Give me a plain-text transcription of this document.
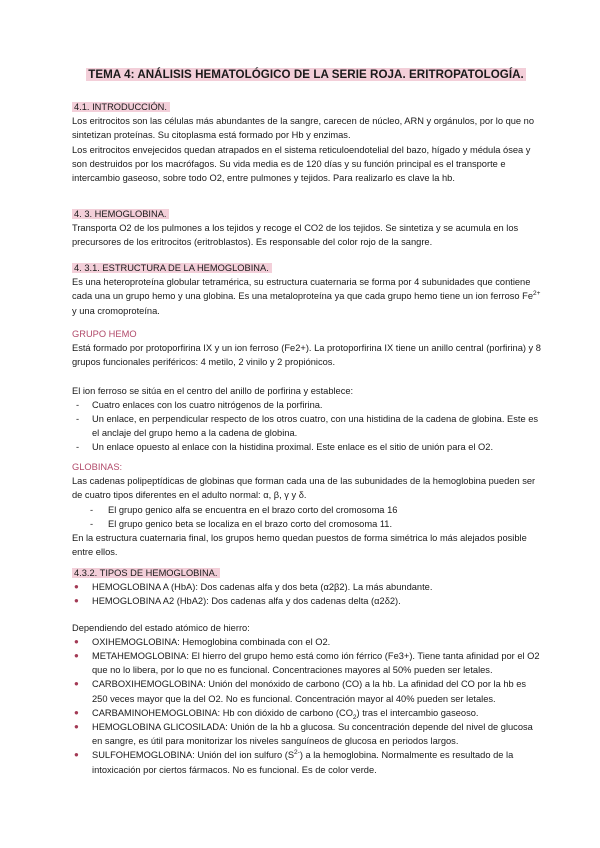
TEMA 4: ANÁLISIS HEMATOLÓGICO DE LA SERIE ROJA. ERITROPATOLOGÍA.

4.1. INTRODUCCIÓN.

Los eritrocitos son las células más abundantes de la sangre, carecen de núcleo, ARN y orgánulos, por lo que no sintetizan proteínas. Su citoplasma está formado por Hb y enzimas.

Los eritrocitos envejecidos quedan atrapados en el sistema reticuloendotelial del bazo, hígado y médula ósea y son destruidos por los macrófagos. Su vida media es de 120 días y su función principal es el transporte e intercambio gaseoso, sobre todo O2, entre pulmones y tejidos. Para realizarlo es clave la hb.

4. 3. HEMOGLOBINA.

Transporta O2 de los pulmones a los tejidos y recoge el CO2 de los tejidos. Se sintetiza y se acumula en los precursores de los eritrocitos (eritroblastos). Es responsable del color rojo de la sangre.

4. 3.1. ESTRUCTURA DE LA HEMOGLOBINA.

Es una heteroproteína globular tetramérica, su estructura cuaternaria se forma por 4 subunidades que contiene cada una un grupo hemo y una globina. Es una metaloproteína ya que cada grupo hemo tiene un ion ferroso $Fe^{2+}$ y una cromoproteína.

GRUPO HEMO

Está formado por protoporfirina IX y un ion ferroso (Fe2+). La protoporfirina IX tiene un anillo central (porfirina) y 8 grupos funcionales periféricos: 4 metilo, 2 vinilo y 2 propiónicos.

El ion ferroso se sitúa en el centro del anillo de porfirina y establece:

- Cuatro enlaces con los cuatro nitrógenos de la porfirina.
- Un enlace, en perpendicular respecto de los otros cuatro, con una histidina de la cadena de globina. Este es el anclaje del grupo hemo a la cadena de globina.
- Un enlace opuesto al enlace con la histidina proximal. Este enlace es el sitio de unión para el O2.

GLOBINAS:

Las cadenas polipeptídicas de globinas que forman cada una de las subunidades de la hemoglobina pueden ser de cuatro tipos diferentes en el adulto normal: α, β, γ y δ.

- El grupo genico alfa se encuentra en el brazo corto del cromosoma 16
- El grupo genico beta se localiza en el brazo corto del cromosoma 11.

En la estructura cuaternaria final, los grupos hemo quedan puestos de forma simétrica lo más alejados posible entre ellos.

4.3.2. TIPOS DE HEMOGLOBINA.

● HEMOGLOBINA A (HbA): Dos cadenas alfa y dos beta (α2β2). La más abundante.
● HEMOGLOBINA A2 (HbA2): Dos cadenas alfa y dos cadenas delta (α2δ2).

Dependiendo del estado atómico de hierro:

● OXIHEMOGLOBINA: Hemoglobina combinada con el O2.
● METAHEMOGLOBINA: El hierro del grupo hemo está como ión férrico (Fe3+). Tiene tanta afinidad por el O2 que no lo libera, por lo que no es funcional. Concentraciones mayores al 50% pueden ser letales.
● CARBOXIHEMOGLOBINA: Unión del monóxido de carbono (CO) a la hb. La afinidad del CO por la hb es 250 veces mayor que la del O2. No es funcional. Concentración mayor al 40% pueden ser letales.
● CARBAMINOHEMOGLOBINA: Hb con dióxido de carbono $(CO_2)$ tras el intercambio gaseoso.
● HEMOGLOBINA GLICOSILADA: Unión de la hb a glucosa. Su concentración depende del nivel de glucosa en sangre, es útil para monitorizar los niveles sanguíneos de glucosa en periodos largos.
● SULFOHEMOGLOBINA: Unión del ion sulfuro $(S^{2-})$ a la hemoglobina. Normalmente es resultado de la intoxicación por ciertos fármacos. No es funcional. Es de color verde.
